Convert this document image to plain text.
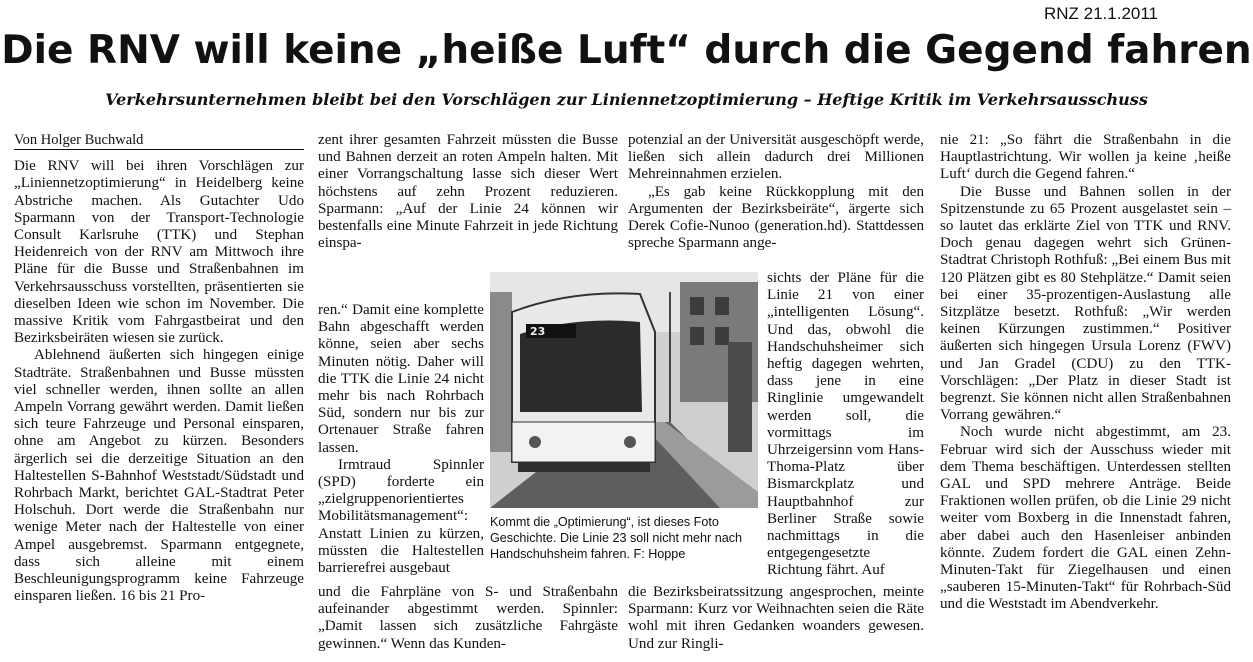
RNZ 21.1.2011
Die RNV will keine „heiße Luft“ durch die Gegend fahren
Verkehrsunternehmen bleibt bei den Vorschlägen zur Liniennetzoptimierung – Heftige Kritik im Verkehrsausschuss
Von Holger Buchwald

Die RNV will bei ihren Vorschlägen zur „Liniennetzoptimierung“ in Heidelberg keine Abstriche machen. Als Gutachter Udo Sparmann von der Transport-Technologie Consult Karlsruhe (TTK) und Stephan Heidenreich von der RNV am Mittwoch ihre Pläne für die Busse und Straßenbahnen im Verkehrsausschuss vorstellten, präsentierten sie dieselben Ideen wie schon im November. Die massive Kritik vom Fahrgastbeirat und den Bezirksbeiräten wiesen sie zurück.

Ablehnend äußerten sich hingegen einige Stadträte. Straßenbahnen und Busse müssten viel schneller werden, ihnen sollte an allen Ampeln Vorrang gewährt werden. Damit ließen sich teure Fahrzeuge und Personal einsparen, ohne am Angebot zu kürzen. Besonders ärgerlich sei die derzeitige Situation an den Haltestellen S-Bahnhof Weststadt/Südstadt und Rohrbach Markt, berichtet GAL-Stadtrat Peter Holschuh. Dort werde die Straßenbahn nur wenige Meter nach der Haltestelle von einer Ampel ausgebremst. Sparmann entgegnete, dass sich alleine mit einem Beschleunigungsprogramm keine Fahrzeuge einsparen ließen. 16 bis 21 Pro-

zent ihrer gesamten Fahrzeit müssten die Busse und Bahnen derzeit an roten Ampeln halten. Mit einer Vorrangschaltung lasse sich dieser Wert höchstens auf zehn Prozent reduzieren. Sparmann: „Auf der Linie 24 können wir bestenfalls eine Minute Fahrzeit in jede Richtung einspa-

ren.“ Damit eine komplette Bahn abgeschafft werden könne, seien aber sechs Minuten nötig. Daher will die TTK die Linie 24 nicht mehr bis nach Rohrbach Süd, sondern nur bis zur Ortenauer Straße fahren lassen.

Irmtraud Spinnler (SPD) forderte ein „zielgruppenorientiertes Mobilitätsmanagement“: Anstatt Linien zu kürzen, müssten die Haltestellen barrierefrei ausgebaut

und die Fahrpläne von S- und Straßenbahn aufeinander abgestimmt werden. Spinnler: „Damit lassen sich zusätzliche Fahrgäste gewinnen.“ Wenn das Kunden-

potenzial an der Universität ausgeschöpft werde, ließen sich allein dadurch drei Millionen Mehreinnahmen erzielen.

„Es gab keine Rückkopplung mit den Argumenten der Bezirksbeiräte“, ärgerte sich Derek Cofie-Nunoo (generation.hd). Stattdessen spreche Sparmann ange-

sichts der Pläne für die Linie 21 von einer „intelligenten Lösung“. Und das, obwohl die Handschuhsheimer sich heftig dagegen wehrten, dass jene in eine Ringlinie umgewandelt werden soll, die vormittags im Uhrzeigersinn vom Hans-Thoma-Platz über Bismarckplatz und Hauptbahnhof zur Berliner Straße sowie nachmittags in die entgegengesetzte Richtung fährt. Auf

die Bezirksbeiratssitzung angesprochen, meinte Sparmann: Kurz vor Weihnachten seien die Räte wohl mit ihren Gedanken woanders gewesen. Und zur Ringli-

nie 21: „So fährt die Straßenbahn in die Hauptlastrichtung. Wir wollen ja keine ‚heiße Luft‘ durch die Gegend fahren.“

Die Busse und Bahnen sollen in der Spitzenstunde zu 65 Prozent ausgelastet sein – so lautet das erklärte Ziel von TTK und RNV. Doch genau dagegen wehrt sich Grünen-Stadtrat Christoph Rothfuß: „Bei einem Bus mit 120 Plätzen gibt es 80 Stehplätze.“ Damit seien bei einer 35-prozentigen-Auslastung alle Sitzplätze besetzt. Rothfuß: „Wir werden keinen Kürzungen zustimmen.“ Positiver äußerten sich hingegen Ursula Lorenz (FWV) und Jan Gradel (CDU) zu den TTK-Vorschlägen: „Der Platz in dieser Stadt ist begrenzt. Sie können nicht allen Straßenbahnen Vorrang gewähren.“

Noch wurde nicht abgestimmt, am 23. Februar wird sich der Ausschuss wieder mit dem Thema beschäftigen. Unterdessen stellten GAL und SPD mehrere Anträge. Beide Fraktionen wollen prüfen, ob die Linie 29 nicht weiter vom Boxberg in die Innenstadt fahren, aber dabei auch den Hasenleiser anbinden könnte. Zudem fordert die GAL einen Zehn-Minuten-Takt für Ziegelhausen und einen „sauberen 15-Minuten-Takt“ für Rohrbach-Süd und die Weststadt im Abendverkehr.

23
Kommt die „Optimierung“, ist dieses Foto Geschichte. Die Linie 23 soll nicht mehr nach Handschuhsheim fahren. F: Hoppe
